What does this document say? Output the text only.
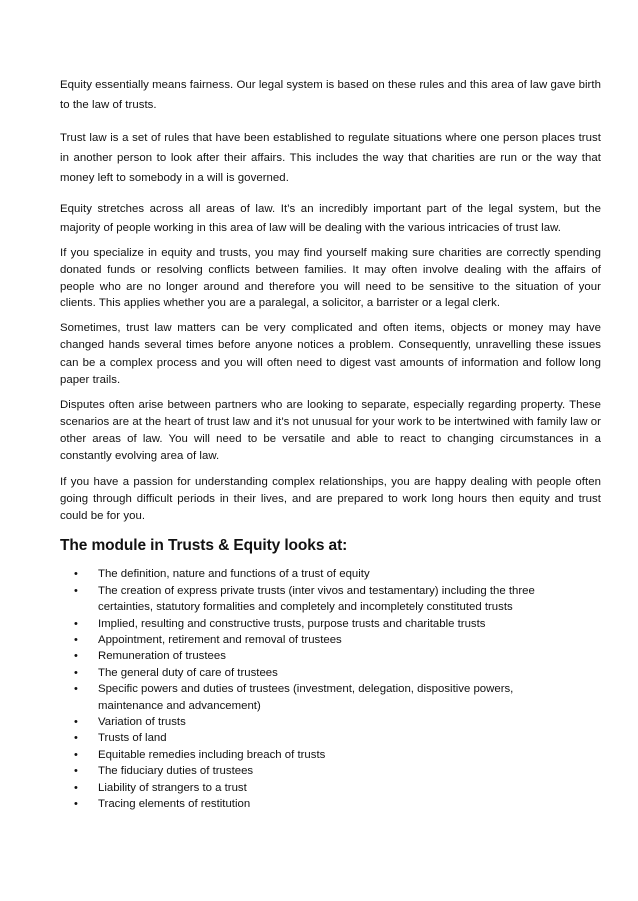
Equity essentially means fairness. Our legal system is based on these rules and this area of law gave birth to the law of trusts.

Trust law is a set of rules that have been established to regulate situations where one person places trust in another person to look after their affairs. This includes the way that charities are run or the way that money left to somebody in a will is governed.

Equity stretches across all areas of law. It’s an incredibly important part of the legal system, but the majority of people working in this area of law will be dealing with the various intricacies of trust law.

If you specialize in equity and trusts, you may find yourself making sure charities are correctly spending donated funds or resolving conflicts between families. It may often involve dealing with the affairs of people who are no longer around and therefore you will need to be sensitive to the situation of your clients. This applies whether you are a paralegal, a solicitor, a barrister or a legal clerk.

Sometimes, trust law matters can be very complicated and often items, objects or money may have changed hands several times before anyone notices a problem. Consequently, unravelling these issues can be a complex process and you will often need to digest vast amounts of information and follow long paper trails.

Disputes often arise between partners who are looking to separate, especially regarding property. These scenarios are at the heart of trust law and it’s not unusual for your work to be intertwined with family law or other areas of law. You will need to be versatile and able to react to changing circumstances in a constantly evolving area of law.

If you have a passion for understanding complex relationships, you are happy dealing with people often going through difficult periods in their lives, and are prepared to work long hours then equity and trust could be for you.

The module in Trusts & Equity looks at:
• The definition, nature and functions of a trust of equity
• The creation of express private trusts (inter vivos and testamentary) including the three certainties, statutory formalities and completely and incompletely constituted trusts
• Implied, resulting and constructive trusts, purpose trusts and charitable trusts
• Appointment, retirement and removal of trustees
• Remuneration of trustees
• The general duty of care of trustees
• Specific powers and duties of trustees (investment, delegation, dispositive powers, maintenance and advancement)
• Variation of trusts
• Trusts of land
• Equitable remedies including breach of trusts
• The fiduciary duties of trustees
• Liability of strangers to a trust
• Tracing elements of restitution
